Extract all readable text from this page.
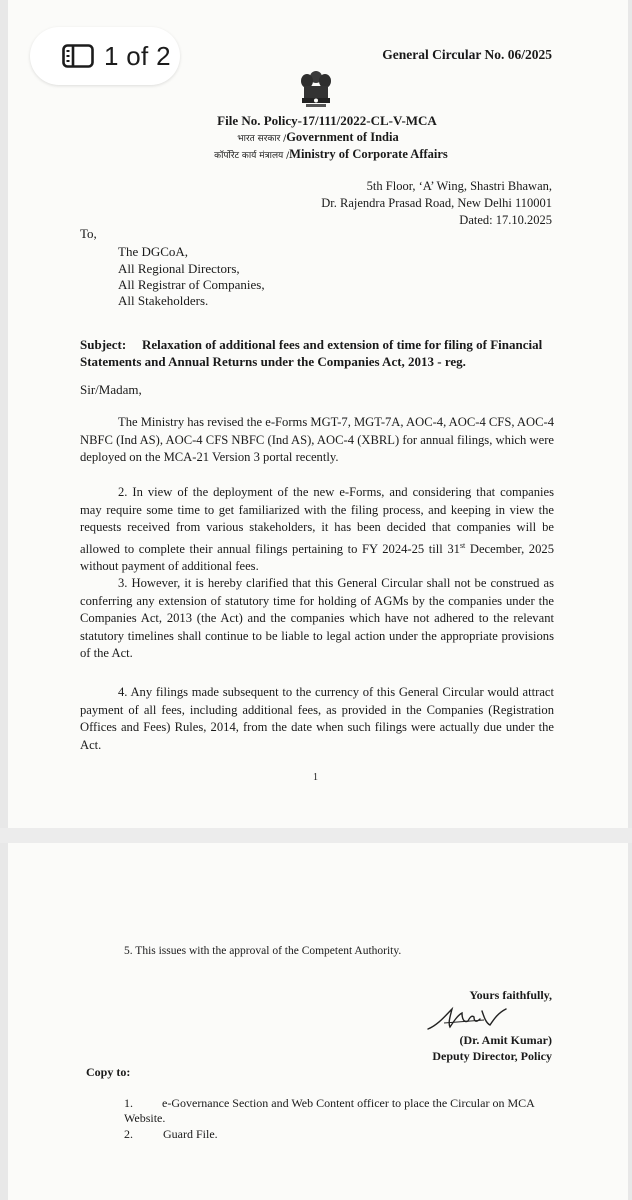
1 of 2	General Circular No. 06/2025
File No. Policy-17/111/2022-CL-V-MCA
भारत सरकार /Government of India
कॉर्पोरेट कार्य मंत्रालय /Ministry of Corporate Affairs
5th Floor, ‘A’ Wing, Shastri Bhawan,
Dr. Rajendra Prasad Road, New Delhi 110001
Dated: 17.10.2025
To,
The DGCoA,
All Regional Directors,
All Registrar of Companies,
All Stakeholders.
Subject: Relaxation of additional fees and extension of time for filing of Financial Statements and Annual Returns under the Companies Act, 2013 - reg.
Sir/Madam,
The Ministry has revised the e-Forms MGT-7, MGT-7A, AOC-4, AOC-4 CFS, AOC-4 NBFC (Ind AS), AOC-4 CFS NBFC (Ind AS), AOC-4 (XBRL) for annual filings, which were deployed on the MCA-21 Version 3 portal recently.
2. In view of the deployment of the new e-Forms, and considering that companies may require some time to get familiarized with the filing process, and keeping in view the requests received from various stakeholders, it has been decided that companies will be allowed to complete their annual filings pertaining to FY 2024-25 till 31st December, 2025 without payment of additional fees.
3. However, it is hereby clarified that this General Circular shall not be construed as conferring any extension of statutory time for holding of AGMs by the companies under the Companies Act, 2013 (the Act) and the companies which have not adhered to the relevant statutory timelines shall continue to be liable to legal action under the appropriate provisions of the Act.
4. Any filings made subsequent to the currency of this General Circular would attract payment of all fees, including additional fees, as provided in the Companies (Registration Offices and Fees) Rules, 2014, from the date when such filings were actually due under the Act.
1
5. This issues with the approval of the Competent Authority.
Yours faithfully,
(Dr. Amit Kumar)
Deputy Director, Policy
Copy to:
1.	e-Governance Section and Web Content officer to place the Circular on MCA Website.
2.	Guard File.
